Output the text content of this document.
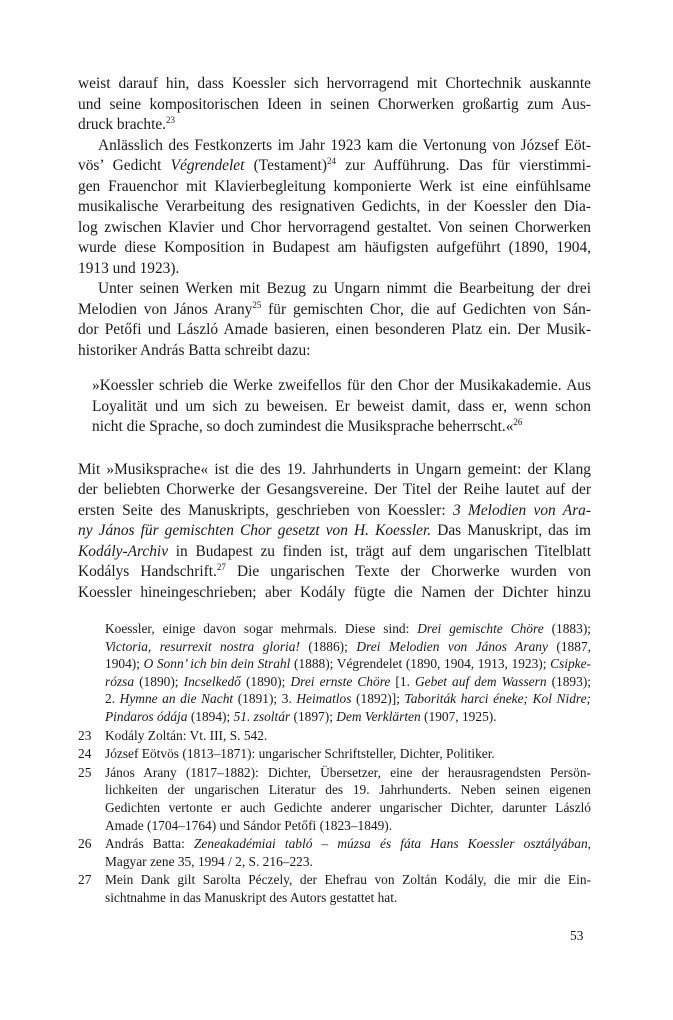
weist darauf hin, dass Koessler sich hervorragend mit Chortechnik auskannte
und seine kompositorischen Ideen in seinen Chorwerken großartig zum Aus-
druck brachte.$^{23}$
Anlässlich des Festkonzerts im Jahr 1923 kam die Vertonung von József Eöt-
vös’ Gedicht Végrendelet (Testament)$^{24}$ zur Aufführung. Das für vierstimmi-
gen Frauenchor mit Klavierbegleitung komponierte Werk ist eine einfühlsame
musikalische Verarbeitung des resignativen Gedichts, in der Koessler den Dia-
log zwischen Klavier und Chor hervorragend gestaltet. Von seinen Chorwerken
wurde diese Komposition in Budapest am häufigsten aufgeführt (1890, 1904,
1913 und 1923).
Unter seinen Werken mit Bezug zu Ungarn nimmt die Bearbeitung der drei
Melodien von János Arany$^{25}$ für gemischten Chor, die auf Gedichten von Sán-
dor Petőfi und László Amade basieren, einen besonderen Platz ein. Der Musik-
historiker András Batta schreibt dazu:
»Koessler schrieb die Werke zweifellos für den Chor der Musikakademie. Aus
Loyalität und um sich zu beweisen. Er beweist damit, dass er, wenn schon
nicht die Sprache, so doch zumindest die Musiksprache beherrscht.«$^{26}$
Mit »Musiksprache« ist die des 19. Jahrhunderts in Ungarn gemeint: der Klang
der beliebten Chorwerke der Gesangsvereine. Der Titel der Reihe lautet auf der
ersten Seite des Manuskripts, geschrieben von Koessler: 3 Melodien von Ara-
ny János für gemischten Chor gesetzt von H. Koessler. Das Manuskript, das im
Kodály-Archiv in Budapest zu finden ist, trägt auf dem ungarischen Titelblatt
Kodálys Handschrift.$^{27}$ Die ungarischen Texte der Chorwerke wurden von
Koessler hineingeschrieben; aber Kodály fügte die Namen der Dichter hinzu
Koessler, einige davon sogar mehrmals. Diese sind: Drei gemischte Chöre (1883);
Victoria, resurrexit nostra gloria! (1886); Drei Melodien von János Arany (1887,
1904); O Sonn’ ich bin dein Strahl (1888); Végrendelet (1890, 1904, 1913, 1923); Csipke-
rózsa (1890); Incselkedő (1890); Drei ernste Chöre [1. Gebet auf dem Wassern (1893);
2. Hymne an die Nacht (1891); 3. Heimatlos (1892)]; Taboriták harci éneke; Kol Nidre;
Pindaros ódája (1894); 51. zsoltár (1897); Dem Verklärten (1907, 1925).
23 Kodály Zoltán: Vt. III, S. 542.
24 József Eötvös (1813–1871): ungarischer Schriftsteller, Dichter, Politiker.
25 János Arany (1817–1882): Dichter, Übersetzer, eine der herausragendsten Persön-
lichkeiten der ungarischen Literatur des 19. Jahrhunderts. Neben seinen eigenen
Gedichten vertonte er auch Gedichte anderer ungarischer Dichter, darunter László
Amade (1704–1764) und Sándor Petőfi (1823–1849).
26 András Batta: Zeneakadémiai tabló – múzsa és fáta Hans Koessler osztályában,
Magyar zene 35, 1994 / 2, S. 216–223.
27 Mein Dank gilt Sarolta Péczely, der Ehefrau von Zoltán Kodály, die mir die Ein-
sichtnahme in das Manuskript des Autors gestattet hat.
53
